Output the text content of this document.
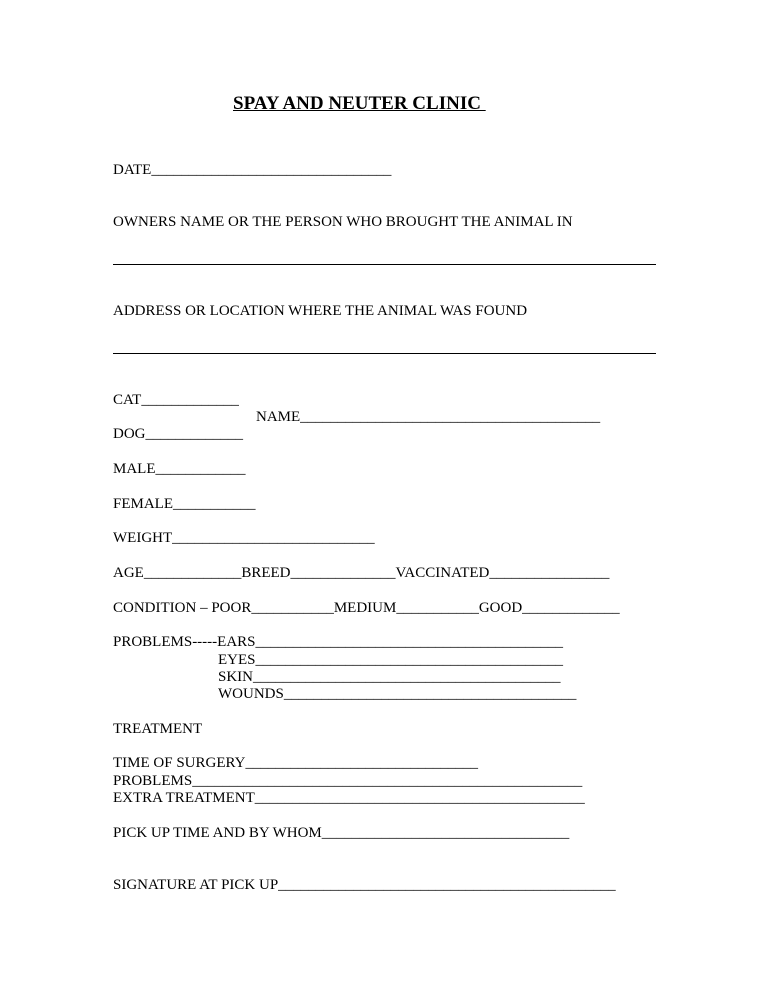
SPAY AND NEUTER CLINIC
DATE________________________________
OWNERS NAME OR THE PERSON WHO BROUGHT THE ANIMAL IN
ADDRESS OR LOCATION WHERE THE ANIMAL WAS FOUND
CAT_____________
NAME________________________________________
DOG_____________
MALE____________
FEMALE___________
WEIGHT___________________________
AGE_____________BREED______________VACCINATED________________
CONDITION – POOR___________MEDIUM___________GOOD_____________
PROBLEMS-----EARS_________________________________________
EYES_________________________________________
SKIN_________________________________________
WOUNDS_______________________________________
TREATMENT
TIME OF SURGERY_______________________________
PROBLEMS____________________________________________________
EXTRA TREATMENT____________________________________________
PICK UP TIME AND BY WHOM_________________________________
SIGNATURE AT PICK UP_____________________________________________
